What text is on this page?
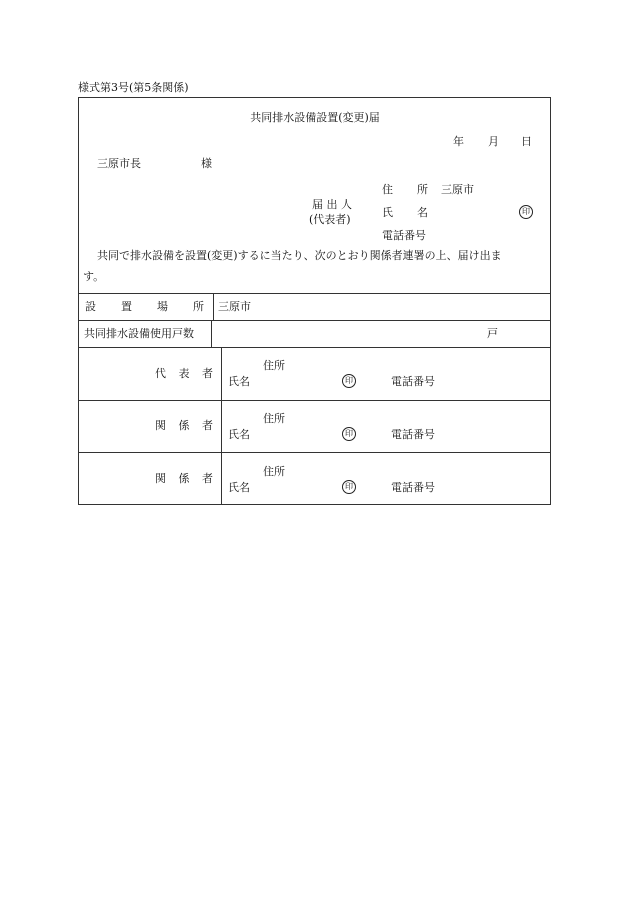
様式第3号(第5条関係)
共同排水設備設置(変更)届
年 月 日
三原市長	様
届 出 人
(代表者)
住 所 三原市
氏 名	印
電話番号
共同で排水設備を設置(変更)するに当たり、次のとおり関係者連署の上、届け出ま
す。
設 置 場 所 三原市
共同排水設備使用戸数	戸
代 表 者
住所
氏名	印	電話番号
関 係 者
住所
氏名	印	電話番号
関 係 者
住所
氏名	印	電話番号
